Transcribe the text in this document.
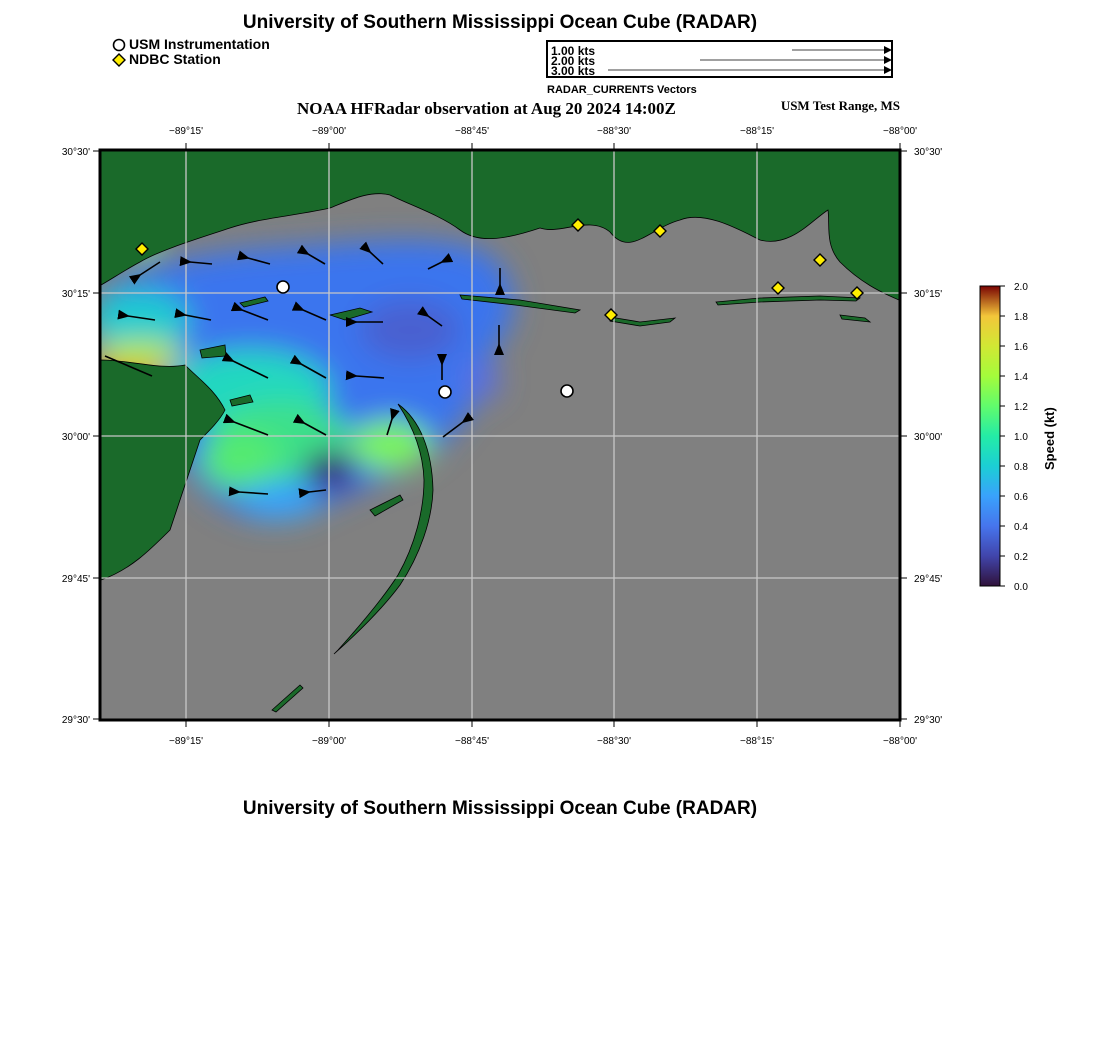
University of Southern Mississippi Ocean Cube (RADAR)
USM Instrumentation
NDBC Station	1.00 kts
2.00 kts
3.00 kts
RADAR_CURRENTS Vectors
NOAA HFRadar observation at Aug 20 2024 14:00Z	USM Test Range, MS
−89°15'	−89°00'	−88°45'	−88°30'	−88°15'	−88°00'
−89°15'	−89°00'	−88°45'	−88°30'	−88°15'	−88°00'
30°30'
30°15'
30°00'
29°45'
29°30'
30°30'
30°15'
30°00'
29°45'
29°30'
2.0
1.8
1.6
1.4
1.2
1.0
0.8
0.6
0.4
0.2
0.0
Speed (kt)
University of Southern Mississippi Ocean Cube (RADAR)
